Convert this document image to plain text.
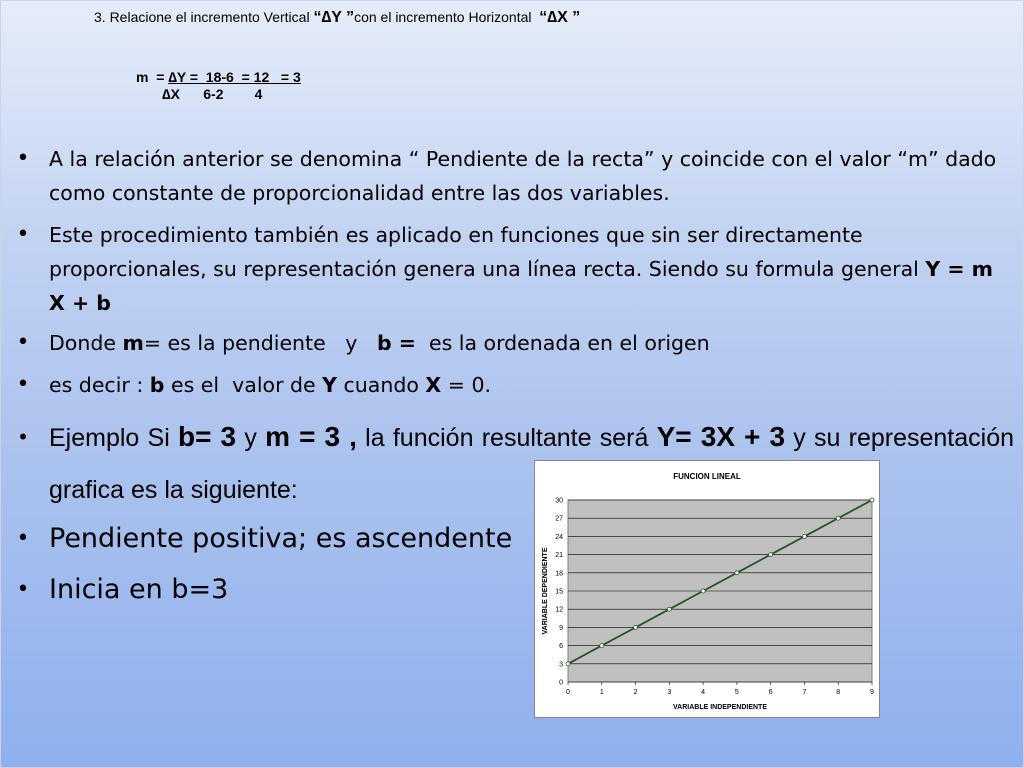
3. Relacione el incremento Vertical “∆Y ”con el incremento Horizontal  “∆X ”
m  = ∆Y =  18-6  = 12   = 3
∆X      6-2        4
• A la relación anterior se denomina “ Pendiente de la recta” y coincide con el valor “m” dado como constante de proporcionalidad entre las dos variables.
• Este procedimiento también es aplicado en funciones que sin ser directamente proporcionales, su representación genera una línea recta. Siendo su formula general Y = m X + b
• Donde m= es la pendiente   y   b =  es la ordenada en el origen
• es decir : b es el  valor de Y cuando X = 0.
• Ejemplo Si b= 3 y m = 3 , la función resultante será Y= 3X + 3 y su representación grafica es la siguiente:
• Pendiente positiva; es ascendente
• Inicia en b=3
FUNCION LINEAL
0
3
6
9
12
15
18
21
24
27
30
0	1	2	3	4	5	6	7	8	9
VARIABLE INDEPENDIENTE
VARIABLE DEPENDIENTE
